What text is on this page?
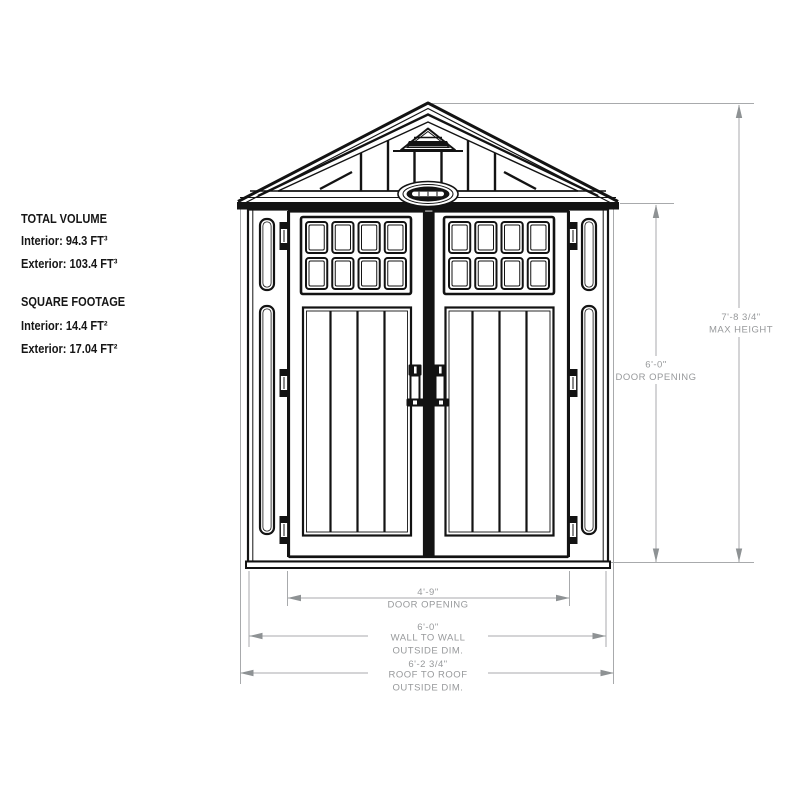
TOTAL VOLUME
Interior: 94.3 FT³
Exterior: 103.4 FT³
SQUARE FOOTAGE
Interior: 14.4 FT²
Exterior: 17.04 FT²
6'-0"
DOOR OPENING
7'-8 3/4"
MAX HEIGHT
4'-9"
DOOR OPENING
6'-0"
WALL TO WALL
OUTSIDE DIM.
6'-2 3/4"
ROOF TO ROOF
OUTSIDE DIM.
